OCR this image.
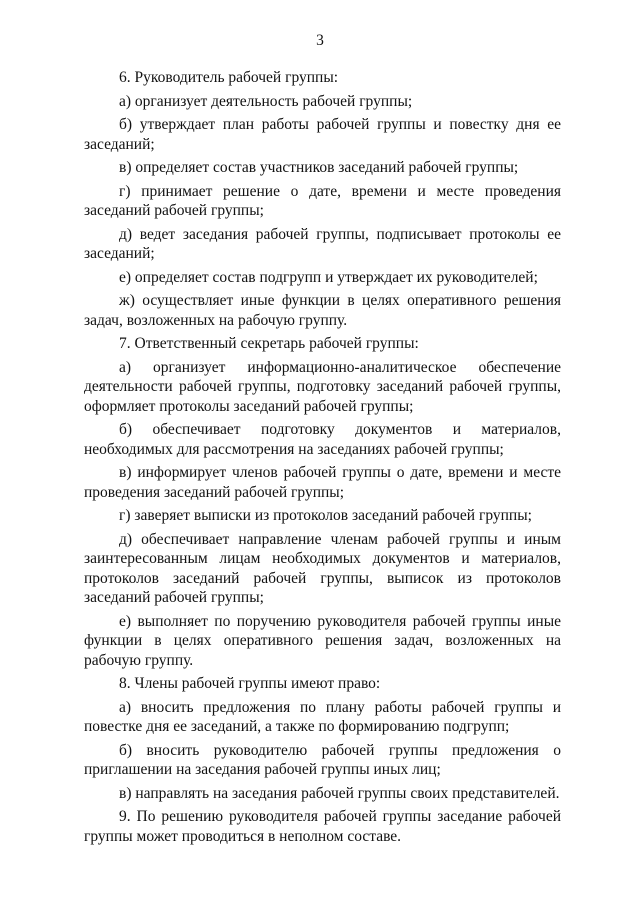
3

6. Руководитель рабочей группы:

а) организует деятельность рабочей группы;

б) утверждает план работы рабочей группы и повестку дня ее заседаний;

в) определяет состав участников заседаний рабочей группы;

г) принимает решение о дате, времени и месте проведения заседаний рабочей группы;

д) ведет заседания рабочей группы, подписывает протоколы ее заседаний;

е) определяет состав подгрупп и утверждает их руководителей;

ж) осуществляет иные функции в целях оперативного решения задач, возложенных на рабочую группу.

7. Ответственный секретарь рабочей группы:

а) организует информационно-аналитическое обеспечение деятельности рабочей группы, подготовку заседаний рабочей группы, оформляет протоколы заседаний рабочей группы;

б) обеспечивает подготовку документов и материалов, необходимых для рассмотрения на заседаниях рабочей группы;

в) информирует членов рабочей группы о дате, времени и месте проведения заседаний рабочей группы;

г) заверяет выписки из протоколов заседаний рабочей группы;

д) обеспечивает направление членам рабочей группы и иным заинтересованным лицам необходимых документов и материалов, протоколов заседаний рабочей группы, выписок из протоколов заседаний рабочей группы;

е) выполняет по поручению руководителя рабочей группы иные функции в целях оперативного решения задач, возложенных на рабочую группу.

8. Члены рабочей группы имеют право:

а) вносить предложения по плану работы рабочей группы и повестке дня ее заседаний, а также по формированию подгрупп;

б) вносить руководителю рабочей группы предложения о приглашении на заседания рабочей группы иных лиц;

в) направлять на заседания рабочей группы своих представителей.

9. По решению руководителя рабочей группы заседание рабочей группы может проводиться в неполном составе.
